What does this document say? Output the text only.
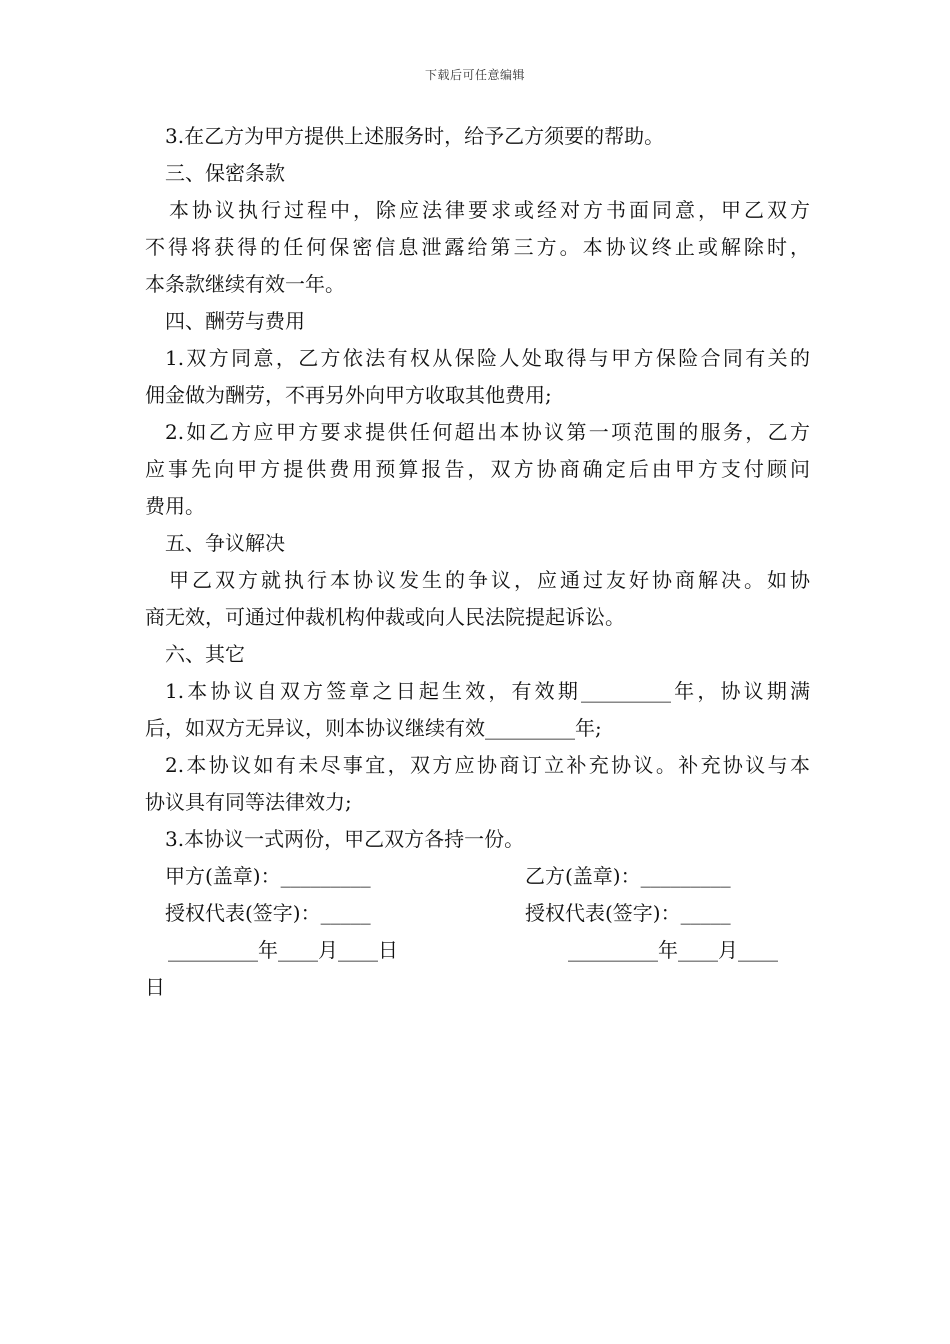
下载后可任意编辑
3.在乙方为甲方提供上述服务时，给予乙方须要的帮助。
三、保密条款
本协议执行过程中，除应法律要求或经对方书面同意，甲乙双方
不得将获得的任何保密信息泄露给第三方。本协议终止或解除时，
本条款继续有效一年。
四、酬劳与费用
1.双方同意，乙方依法有权从保险人处取得与甲方保险合同有关的
佣金做为酬劳，不再另外向甲方收取其他费用;
2.如乙方应甲方要求提供任何超出本协议第一项范围的服务，乙方
应事先向甲方提供费用预算报告，双方协商确定后由甲方支付顾问
费用。
五、争议解决
甲乙双方就执行本协议发生的争议，应通过友好协商解决。如协
商无效，可通过仲裁机构仲裁或向人民法院提起诉讼。
六、其它
1.本协议自双方签章之日起生效，有效期_________年，协议期满
后，如双方无异议，则本协议继续有效_________年;
2.本协议如有未尽事宜，双方应协商订立补充协议。补充协议与本
协议具有同等法律效力;
3.本协议一式两份，甲乙双方各持一份。
甲方(盖章)：_________	乙方(盖章)：_________
授权代表(签字)：_____	授权代表(签字)：_____
_________年____月____日	_________年____月____
日
